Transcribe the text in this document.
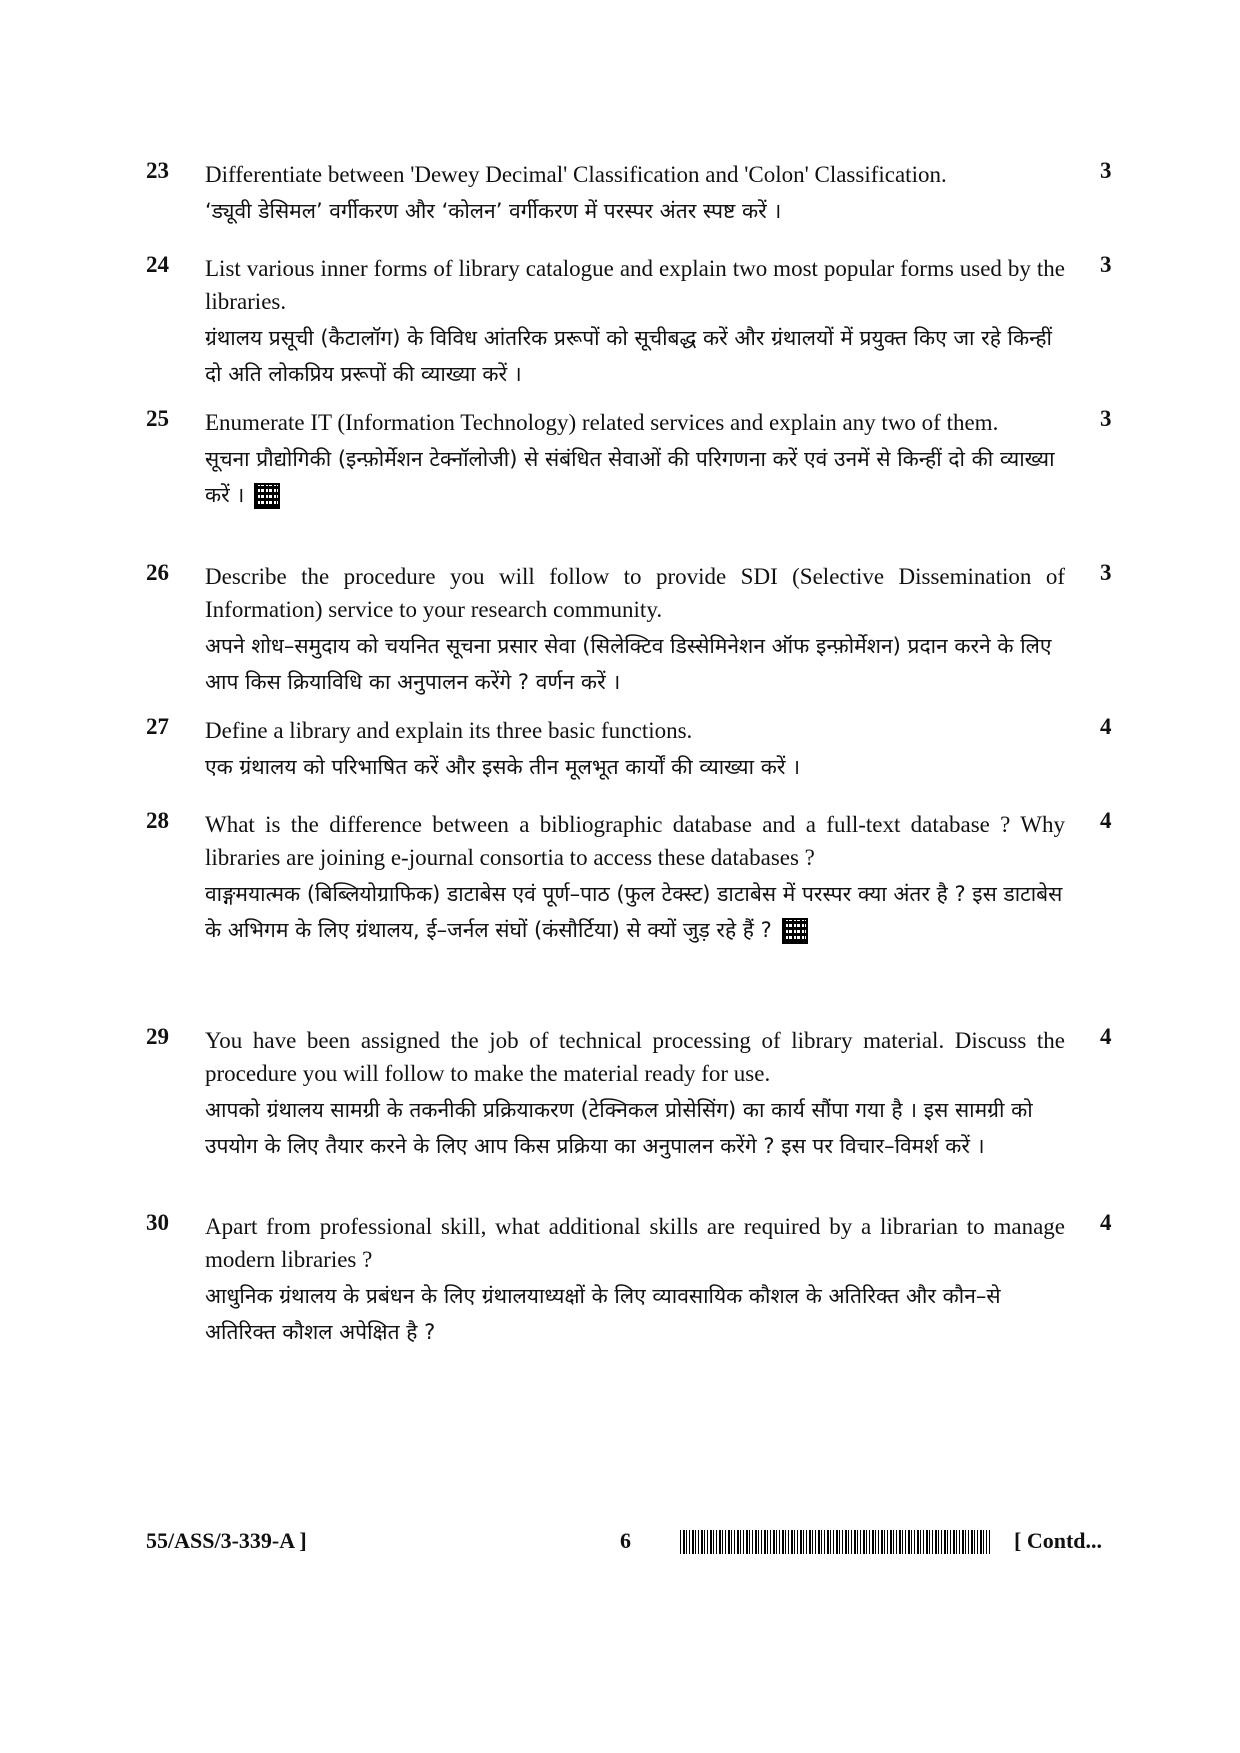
23 Differentiate between 'Dewey Decimal' Classification and 'Colon' Classification.
‘ड्यूवी डेसिमल’ वर्गीकरण और ‘कोलन’ वर्गीकरण में परस्पर अंतर स्पष्ट करें ।
3
24 List various inner forms of library catalogue and explain two most popular forms used by the libraries.
ग्रंथालय प्रसूची (कैटालॉग) के विविध आंतरिक प्ररूपों को सूचीबद्ध करें और ग्रंथालयों में प्रयुक्त किए जा रहे किन्हीं दो अति लोकप्रिय प्ररूपों की व्याख्या करें ।
3
25 Enumerate IT (Information Technology) related services and explain any two of them.
सूचना प्रौद्योगिकी (इन्फ़ोर्मेशन टेक्नॉलोजी) से संबंधित सेवाओं की परिगणना करें एवं उनमें से किन्हीं दो की व्याख्या करें ।
3
26 Describe the procedure you will follow to provide SDI (Selective Dissemination of Information) service to your research community.
अपने शोध–समुदाय को चयनित सूचना प्रसार सेवा (सिलेक्टिव डिस्सेमिनेशन ऑफ इन्फ़ोर्मेशन) प्रदान करने के लिए आप किस क्रियाविधि का अनुपालन करेंगे ? वर्णन करें ।
3
27 Define a library and explain its three basic functions.
एक ग्रंथालय को परिभाषित करें और इसके तीन मूलभूत कार्यों की व्याख्या करें ।
4
28 What is the difference between a bibliographic database and a full-text database ? Why libraries are joining e-journal consortia to access these databases ?
वाङ्गमयात्मक (बिब्लियोग्राफिक) डाटाबेस एवं पूर्ण–पाठ (फुल टेक्स्ट) डाटाबेस में परस्पर क्या अंतर है ? इस डाटाबेस के अभिगम के लिए ग्रंथालय, ई–जर्नल संघों (कंसौर्टिया) से क्यों जुड़ रहे हैं ?
4
29 You have been assigned the job of technical processing of library material. Discuss the procedure you will follow to make the material ready for use.
आपको ग्रंथालय सामग्री के तकनीकी प्रक्रियाकरण (टेक्निकल प्रोसेसिंग) का कार्य सौंपा गया है । इस सामग्री को उपयोग के लिए तैयार करने के लिए आप किस प्रक्रिया का अनुपालन करेंगे ? इस पर विचार–विमर्श करें ।
4
30 Apart from professional skill, what additional skills are required by a librarian to manage modern libraries ?
आधुनिक ग्रंथालय के प्रबंधन के लिए ग्रंथालयाध्यक्षों के लिए व्यावसायिक कौशल के अतिरिक्त और कौन–से अतिरिक्त कौशल अपेक्षित है ?
4
55/ASS/3-339-A ]	6	[ Contd...
